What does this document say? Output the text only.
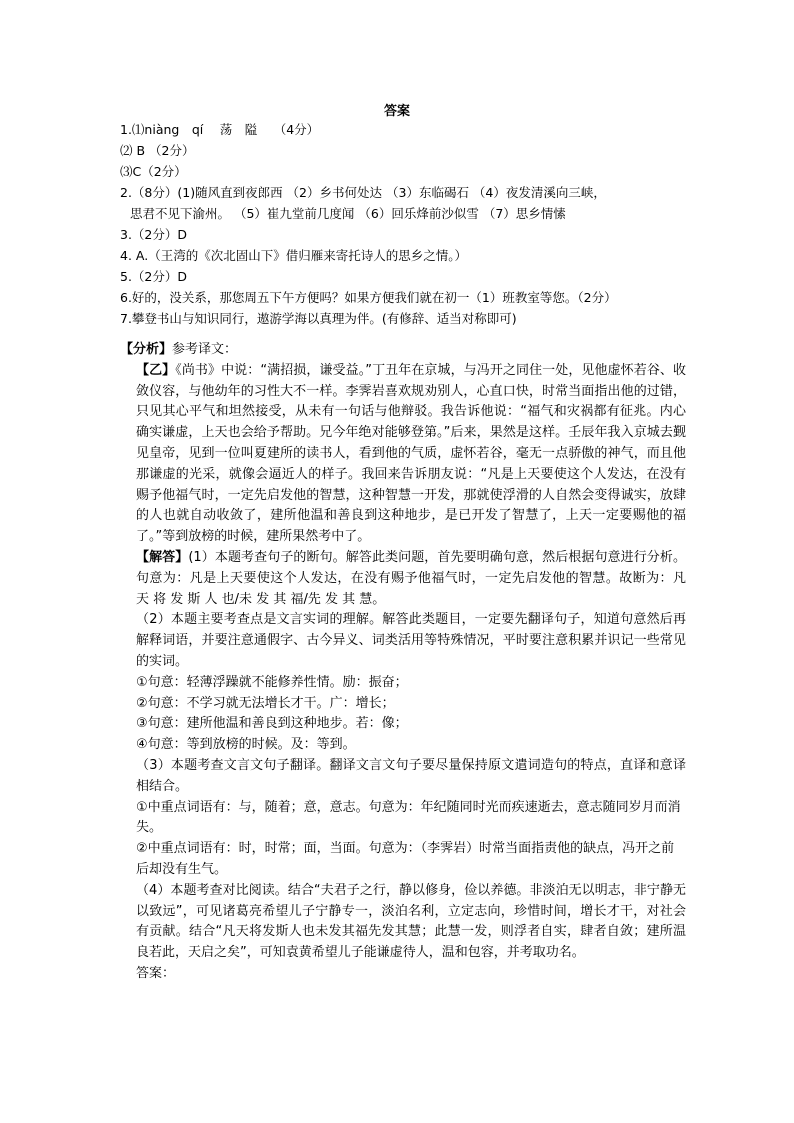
答案
1.⑴niàng　qí　 荡　隘　 （4分）
⑵ B （2分）
⑶C（2分）
2.（8分）(1)随风直到夜郎西 （2）乡书何处达 （3）东临碣石 （4）夜发清溪向三峡，
思君不见下渝州。 （5）崔九堂前几度闻 （6）回乐烽前沙似雪 （7）思乡情愫
3.（2分）D
4. A.（王湾的《次北固山下》借归雁来寄托诗人的思乡之情。）
5.（2分）D
6.好的，没关系，那您周五下午方便吗？如果方便我们就在初一（1）班教室等您。（2分）
7.攀登书山与知识同行，遨游学海以真理为伴。(有修辞、适当对称即可)

【分析】参考译文：

【乙】《尚书》中说：“满招损，谦受益。”丁丑年在京城，与冯开之同住一处，见他虚怀若谷、收敛仪容，与他幼年的习性大不一样。李霁岩喜欢规劝别人，心直口快，时常当面指出他的过错，只见其心平气和坦然接受，从未有一句话与他辩驳。我告诉他说：“福气和灾祸都有征兆。内心确实谦虚，上天也会给予帮助。兄今年绝对能够登第。”后来，果然是这样。壬辰年我入京城去觐见皇帝，见到一位叫夏建所的读书人，看到他的气质，虚怀若谷，毫无一点骄傲的神气，而且他那谦虚的光采，就像会逼近人的样子。我回来告诉朋友说：“凡是上天要使这个人发达，在没有赐予他福气时，一定先启发他的智慧，这种智慧一开发，那就使浮滑的人自然会变得诚实，放肆的人也就自动收敛了，建所他温和善良到这种地步，是已开发了智慧了，上天一定要赐他的福了。”等到放榜的时候，建所果然考中了。

【解答】(1）本题考查句子的断句。解答此类问题，首先要明确句意，然后根据句意进行分析。句意为：凡是上天要使这个人发达，在没有赐予他福气时，一定先启发他的智慧。故断为：凡 天 将 发 斯 人 也/未 发 其 福/先 发 其 慧。

（2）本题主要考查点是文言实词的理解。解答此类题目，一定要先翻译句子，知道句意然后再解释词语，并要注意通假字、古今异义、词类活用等特殊情况，平时要注意积累并识记一些常见的实词。

①句意：轻薄浮躁就不能修养性情。励：振奋；

②句意：不学习就无法增长才干。广：增长；

③句意：建所他温和善良到这种地步。若：像；

④句意：等到放榜的时候。及：等到。

（3）本题考查文言文句子翻译。翻译文言文句子要尽量保持原文遣词造句的特点，直译和意译相结合。

①中重点词语有：与，随着；意，意志。句意为：年纪随同时光而疾速逝去，意志随同岁月而消失。

②中重点词语有：时，时常；面，当面。句意为：（李霁岩）时常当面指责他的缺点，冯开之前后却没有生气。

（4）本题考查对比阅读。结合“夫君子之行，静以修身，俭以养德。非淡泊无以明志，非宁静无以致远”，可见诸葛亮希望儿子宁静专一，淡泊名利，立定志向，珍惜时间，增长才干，对社会有贡献。结合“凡天将发斯人也未发其福先发其慧；此慧一发，则浮者自实，肆者自敛；建所温良若此，天启之矣”，可知袁黄希望儿子能谦虚待人，温和包容，并考取功名。

答案：
